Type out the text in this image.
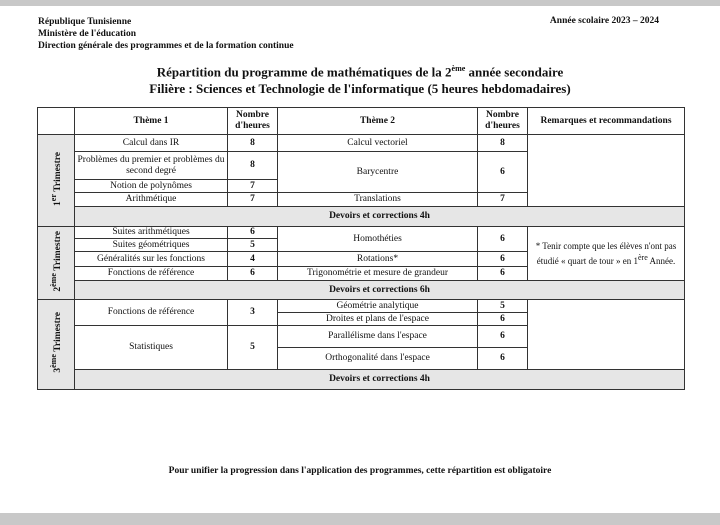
République Tunisienne
Ministère de l'éducation
Direction générale des programmes et de la formation continue
Année scolaire 2023 – 2024
Répartition du programme de mathématiques de la 2ème année secondaire
Filière : Sciences et Technologie de l'informatique (5 heures hebdomadaires)
	Thème 1	Nombre d'heures	Thème 2	Nombre d'heures	Remarques et recommandations
1er Trimestre	Calcul dans IR	8	Calcul vectoriel	8	
	Problèmes du premier et problèmes du second degré	8	Barycentre	6	
	Notion de polynômes	7			
	Arithmétique	7	Translations	7	
	Devoirs et corrections 4h				
2ème Trimestre	Suites arithmétiques	6	Homothéties	6	* Tenir compte que les élèves n'ont pas étudié « quart de tour » en 1ère Année.
	Suites géométriques	5			
	Généralités sur les fonctions	4	Rotations*	6	
	Fonctions de référence	6	Trigonométrie et mesure de grandeur	6	
	Devoirs et corrections 6h				
3ème Trimestre	Fonctions de référence	3	Géométrie analytique	5	
			Droites et plans de l'espace	6	
	Statistiques	5	Parallélisme dans l'espace	6	
			Orthogonalité dans l'espace	6	
	Devoirs et corrections 4h				
Pour unifier la progression dans l'application des programmes, cette répartition est obligatoire
